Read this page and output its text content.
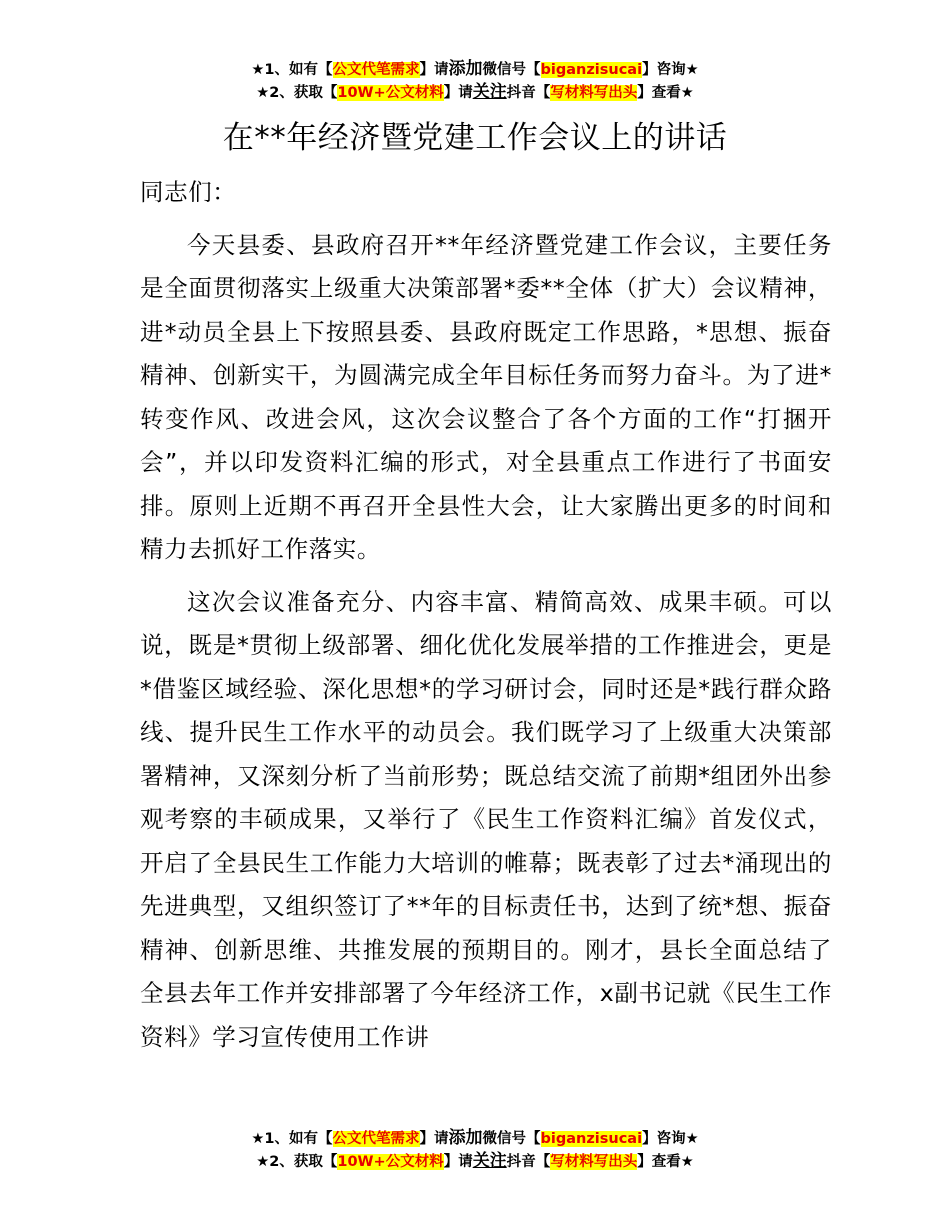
★1、如有【公文代笔需求】请添加微信号【biganzisucai】咨询★
★2、获取【10W+公文材料】请关注抖音【写材料写出头】查看★
在**年经济暨党建工作会议上的讲话

同志们：

今天县委、县政府召开**年经济暨党建工作会议，主要任务是全面贯彻落实上级重大决策部署*委**全体（扩大）会议精神，进*动员全县上下按照县委、县政府既定工作思路，*思想、振奋精神、创新实干，为圆满完成全年目标任务而努力奋斗。为了进*转变作风、改进会风，这次会议整合了各个方面的工作“打捆开会”，并以印发资料汇编的形式，对全县重点工作进行了书面安排。原则上近期不再召开全县性大会，让大家腾出更多的时间和精力去抓好工作落实。

这次会议准备充分、内容丰富、精简高效、成果丰硕。可以说，既是*贯彻上级部署、细化优化发展举措的工作推进会，更是*借鉴区域经验、深化思想*的学习研讨会，同时还是*践行群众路线、提升民生工作水平的动员会。我们既学习了上级重大决策部署精神，又深刻分析了当前形势；既总结交流了前期*组团外出参观考察的丰硕成果，又举行了《民生工作资料汇编》首发仪式，开启了全县民生工作能力大培训的帷幕；既表彰了过去*涌现出的先进典型，又组织签订了**年的目标责任书，达到了统*想、振奋精神、创新思维、共推发展的预期目的。刚才，县长全面总结了全县去年工作并安排部署了今年经济工作，x副书记就《民生工作资料》学习宣传使用工作讲

★1、如有【公文代笔需求】请添加微信号【biganzisucai】咨询★
★2、获取【10W+公文材料】请关注抖音【写材料写出头】查看★
